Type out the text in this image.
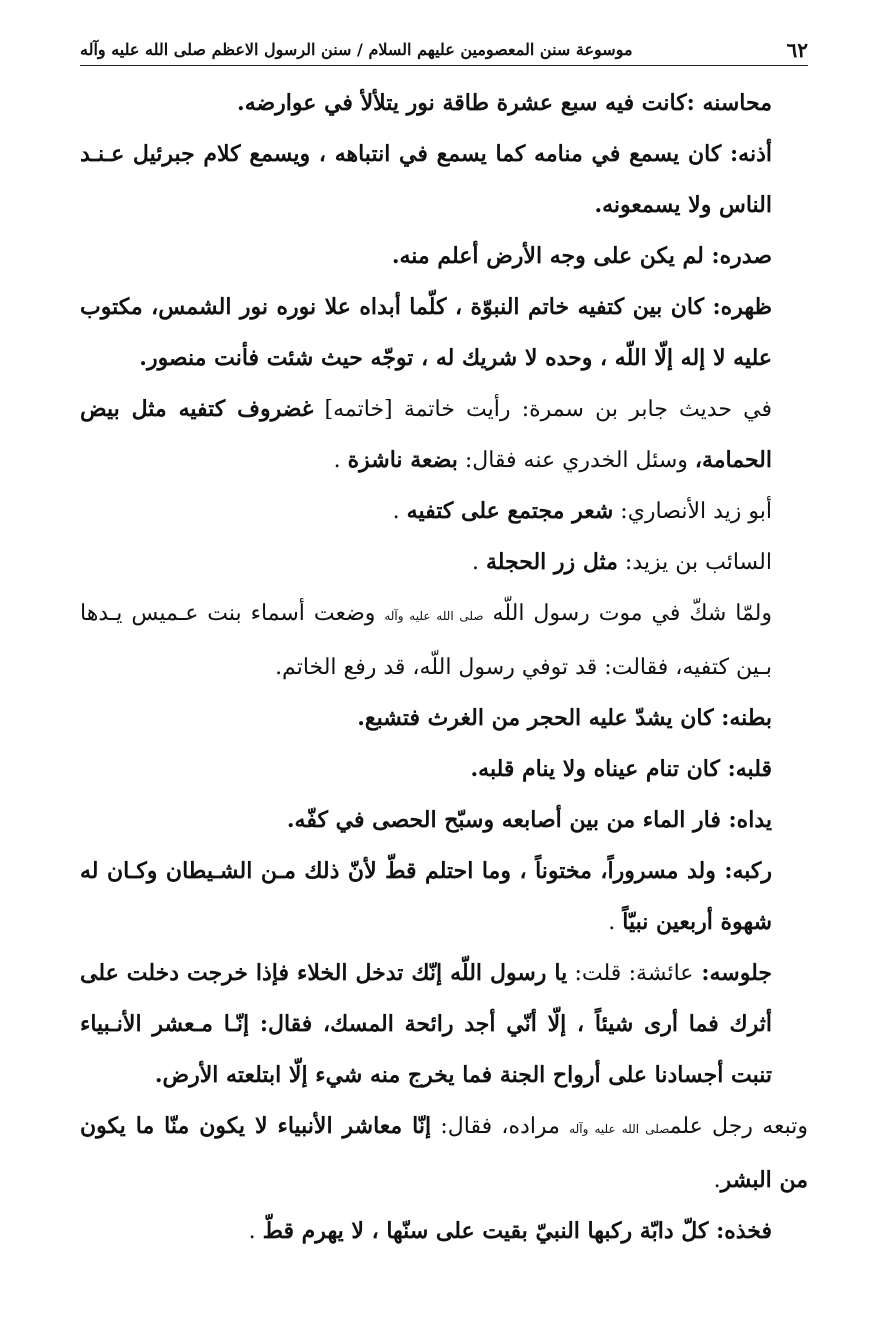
٦٢
موسوعة سنن المعصومين عليهم السلام / سنن الرسول الاعظم صلى الله عليه وآله

محاسنه :كانت فيه سبع عشرة طاقة نور يتلألأ في عوارضه.

أذنه: كان يسمع في منامه كما يسمع في انتباهه ، ويسمع كلام جبرئيل عـنـد الناس ولا يسمعونه.

صدره: لم يكن على وجه الأرض أعلم منه.

ظهره: كان بين كتفيه خاتم النبوّة ، كلّما أبداه علا نوره نور الشمس، مكتوب عليه لا إله إلّا اللّه ، وحده لا شريك له ، توجّه حيث شئت فأنت منصور.

في حديث جابر بن سمرة: رأيت خاتمة [خاتمه] غضروف كتفيه مثل بيض الحمامة، وسئل الخدري عنه فقال: بضعة ناشزة .

أبو زيد الأنصاري: شعر مجتمع على كتفيه .

السائب بن يزيد: مثل زر الحجلة .

ولمّا شكّ في موت رسول اللّه صلى الله عليه وآله وضعت أسماء بنت عـميس يـدها بـين كتفيه، فقالت: قد توفي رسول اللّه، قد رفع الخاتم.

بطنه: كان يشدّ عليه الحجر من الغرث فتشبع.

قلبه: كان تنام عيناه ولا ينام قلبه.

يداه: فار الماء من بين أصابعه وسبّح الحصى في كفّه.

ركبه: ولد مسروراً، مختوناً ، وما احتلم قطّ لأنّ ذلك مـن الشـيطان وكـان له شهوة أربعين نبيّاً .

جلوسه: عائشة: قلت: يا رسول اللّه إنّك تدخل الخلاء فإذا خرجت دخلت على أثرك فما أرى شيئاً ، إلّا أنّي أجد رائحة المسك، فقال: إنّـا مـعشر الأنـبياء تنبت أجسادنا على أرواح الجنة فما يخرج منه شيء إلّا ابتلعته الأرض.

وتبعه رجل علمصلى الله عليه وآله مراده، فقال: إنّا معاشر الأنبياء لا يكون منّا ما يكون من البشر.

فخذه: كلّ دابّة ركبها النبيّ بقيت على سنّها ، لا يهرم قطّ .
